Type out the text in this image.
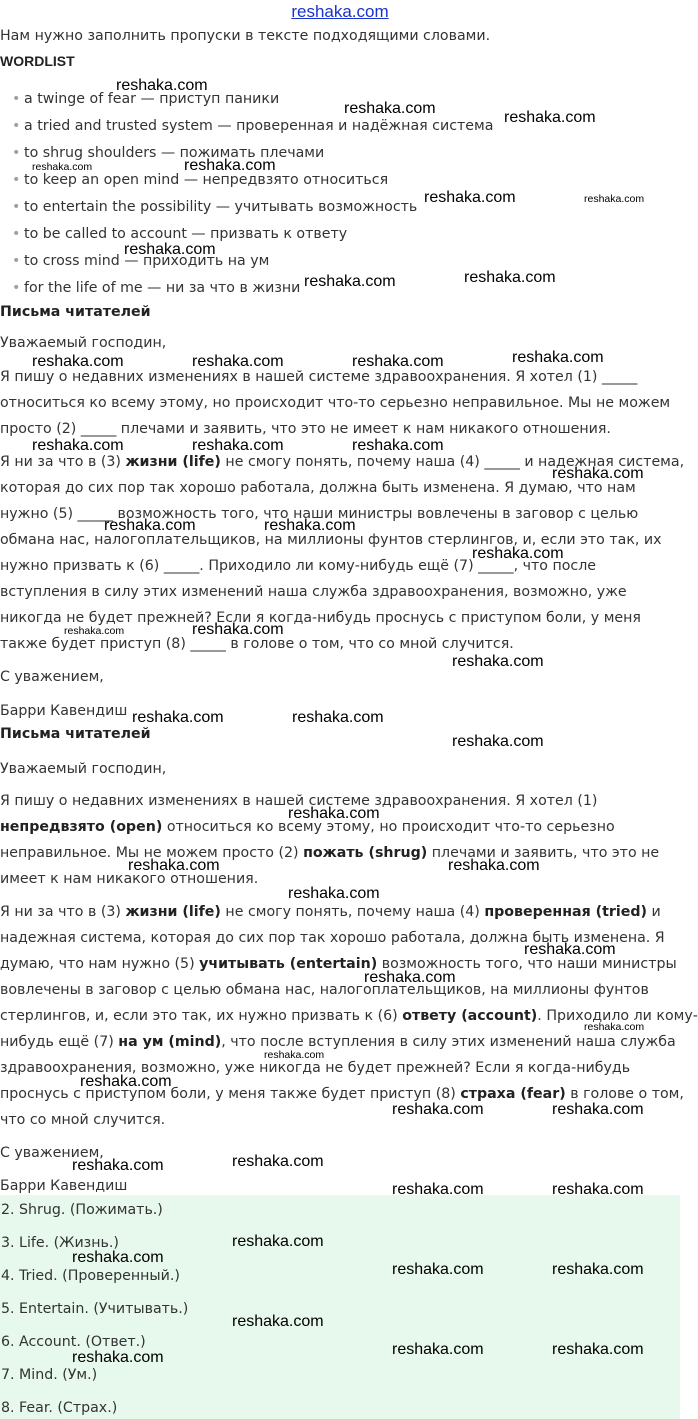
reshaka.com
Нам нужно заполнить пропуски в тексте подходящими словами.
WORDLIST
• a twinge of fear — приступ паники
• a tried and trusted system — проверенная и надёжная система
• to shrug shoulders — пожимать плечами
• to keep an open mind — непредвзято относиться
• to entertain the possibility — учитывать возможность
• to be called to account — призвать к ответу
• to cross mind — приходить на ум
• for the life of me — ни за что в жизни
Письма читателей
Уважаемый господин,
Я пишу о недавних изменениях в нашей системе здравоохранения. Я хотел (1) _____
относиться ко всему этому, но происходит что-то серьезно неправильное. Мы не можем
просто (2) _____ плечами и заявить, что это не имеет к нам никакого отношения.
Я ни за что в (3) жизни (life) не смогу понять, почему наша (4) _____ и надежная система,
которая до сих пор так хорошо работала, должна быть изменена. Я думаю, что нам
нужно (5) _____ возможность того, что наши министры вовлечены в заговор с целью
обмана нас, налогоплательщиков, на миллионы фунтов стерлингов, и, если это так, их
нужно призвать к (6) _____. Приходило ли кому-нибудь ещё (7) _____, что после
вступления в силу этих изменений наша служба здравоохранения, возможно, уже
никогда не будет прежней? Если я когда-нибудь проснусь с приступом боли, у меня
также будет приступ (8) _____ в голове о том, что со мной случится.
С уважением,
Барри Кавендиш
Письма читателей
Уважаемый господин,
Я пишу о недавних изменениях в нашей системе здравоохранения. Я хотел (1)
непредвзято (open) относиться ко всему этому, но происходит что-то серьезно
неправильное. Мы не можем просто (2) пожать (shrug) плечами и заявить, что это не
имеет к нам никакого отношения.
Я ни за что в (3) жизни (life) не смогу понять, почему наша (4) проверенная (tried) и
надежная система, которая до сих пор так хорошо работала, должна быть изменена. Я
думаю, что нам нужно (5) учитывать (entertain) возможность того, что наши министры
вовлечены в заговор с целью обмана нас, налогоплательщиков, на миллионы фунтов
стерлингов, и, если это так, их нужно призвать к (6) ответу (account). Приходило ли кому-
нибудь ещё (7) на ум (mind), что после вступления в силу этих изменений наша служба
здравоохранения, возможно, уже никогда не будет прежней? Если я когда-нибудь
проснусь с приступом боли, у меня также будет приступ (8) страха (fear) в голове о том,
что со мной случится.
С уважением,
Барри Кавендиш
2. Shrug. (Пожимать.)
3. Life. (Жизнь.)
4. Tried. (Проверенный.)
5. Entertain. (Учитывать.)
6. Account. (Ответ.)
7. Mind. (Ум.)
8. Fear. (Страх.)
reshaka.com
reshaka.com
reshaka.com
reshaka.com	reshaka.com
reshaka.com	reshaka.com
reshaka.com
reshaka.com	reshaka.com
reshaka.com	reshaka.com	reshaka.com	reshaka.com
reshaka.com	reshaka.com	reshaka.com
reshaka.com
reshaka.com	reshaka.com
reshaka.com
reshaka.com	reshaka.com
reshaka.com
reshaka.com	reshaka.com
reshaka.com
reshaka.com
reshaka.com	reshaka.com
reshaka.com
reshaka.com
reshaka.com
reshaka.com
reshaka.com
reshaka.com
reshaka.com	reshaka.com
reshaka.com	reshaka.com
reshaka.com	reshaka.com
reshaka.com
reshaka.com
reshaka.com	reshaka.com
reshaka.com
reshaka.com	reshaka.com
reshaka.com
